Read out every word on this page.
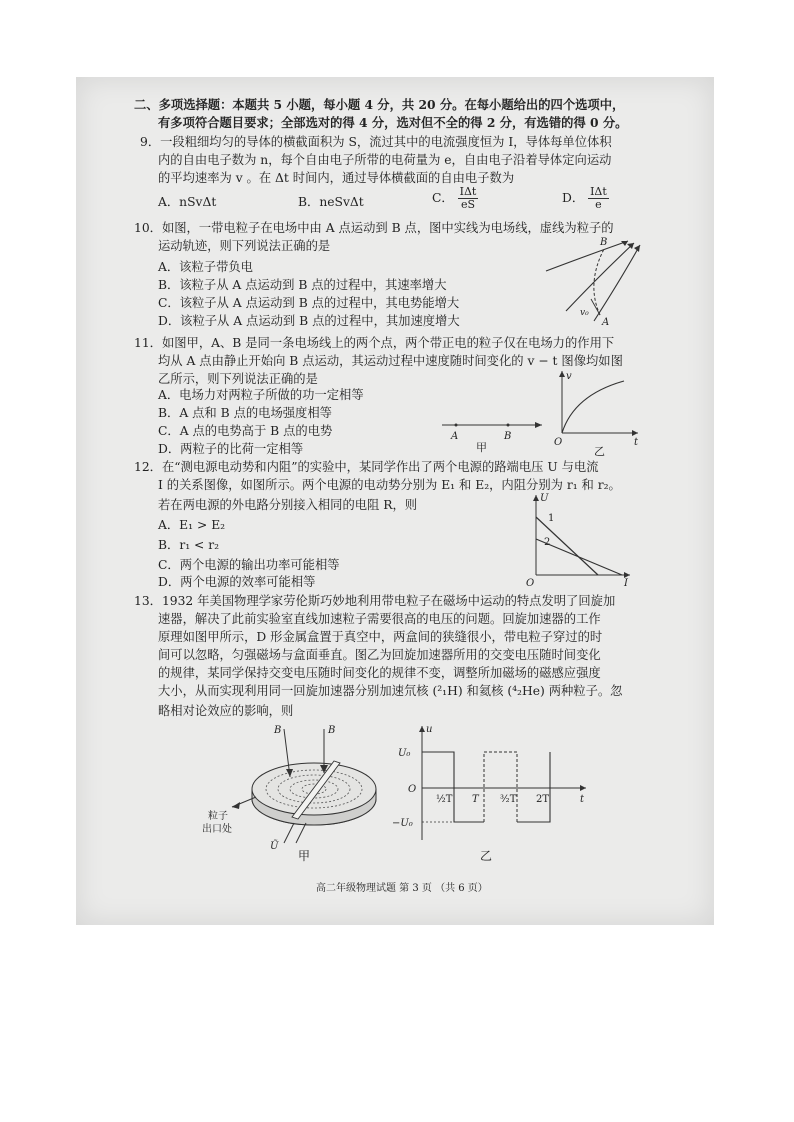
二、多项选择题：本题共 5 小题，每小题 4 分，共 20 分。在每小题给出的四个选项中，
有多项符合题目要求；全部选对的得 4 分，选对但不全的得 2 分，有选错的得 0 分。
9．一段粗细均匀的导体的横截面积为 S，流过其中的电流强度恒为 I，导体每单位体积
内的自由电子数为 n，每个自由电子所带的电荷量为 e，自由电子沿着导体定向运动
的平均速率为 v 。在 Δt 时间内，通过导体横截面的自由电子数为
A．nSvΔt	B．neSvΔt	C． $\frac{\text{IΔt}}{eS}$	D． $\frac{\text{IΔt}}{e}$
10．如图，一带电粒子在电场中由 A 点运动到 B 点，图中实线为电场线，虚线为粒子的
运动轨迹，则下列说法正确的是
A．该粒子带负电
B．该粒子从 A 点运动到 B 点的过程中，其速率增大
C．该粒子从 A 点运动到 B 点的过程中，其电势能增大
D．该粒子从 A 点运动到 B 点的过程中，其加速度增大
B
A
v₀
11．如图甲，A、B 是同一条电场线上的两个点，两个带正电的粒子仅在电场力的作用下
均从 A 点由静止开始向 B 点运动，其运动过程中速度随时间变化的 v − t 图像均如图
乙所示，则下列说法正确的是
A．电场力对两粒子所做的功一定相等
B．A 点和 B 点的电场强度相等
C．A 点的电势高于 B 点的电势
D．两粒子的比荷一定相等
A	B
甲
v
O	t
乙
12．在“测电源电动势和内阻”的实验中，某同学作出了两个电源的路端电压 U 与电流
I 的关系图像，如图所示。两个电源的电动势分别为 E₁ 和 E₂，内阻分别为 r₁ 和 r₂。
若在两电源的外电路分别接入相同的电阻 R，则
A．E₁ > E₂
B．r₁ < r₂
C．两个电源的输出功率可能相等
D．两个电源的效率可能相等
U
1
2
O	I
13．1932 年美国物理学家劳伦斯巧妙地利用带电粒子在磁场中运动的特点发明了回旋加
速器，解决了此前实验室直线加速粒子需要很高的电压的问题。回旋加速器的工作
原理如图甲所示，D 形金属盒置于真空中，两盒间的狭缝很小，带电粒子穿过的时
间可以忽略，匀强磁场与盒面垂直。图乙为回旋加速器所用的交变电压随时间变化
的规律，某同学保持交变电压随时间变化的规律不变，调整所加磁场的磁感应强度
大小，从而实现利用同一回旋加速器分别加速氘核 (²₁H) 和氦核 (⁴₂He) 两种粒子。忽
略相对论效应的影响，则
B	B
粒子
出口处
Ũ
甲
u
U₀
O
−U₀
½T T ³⁄₂T 2T	t
乙
高二年级物理试题 第 3 页 （共 6 页）
